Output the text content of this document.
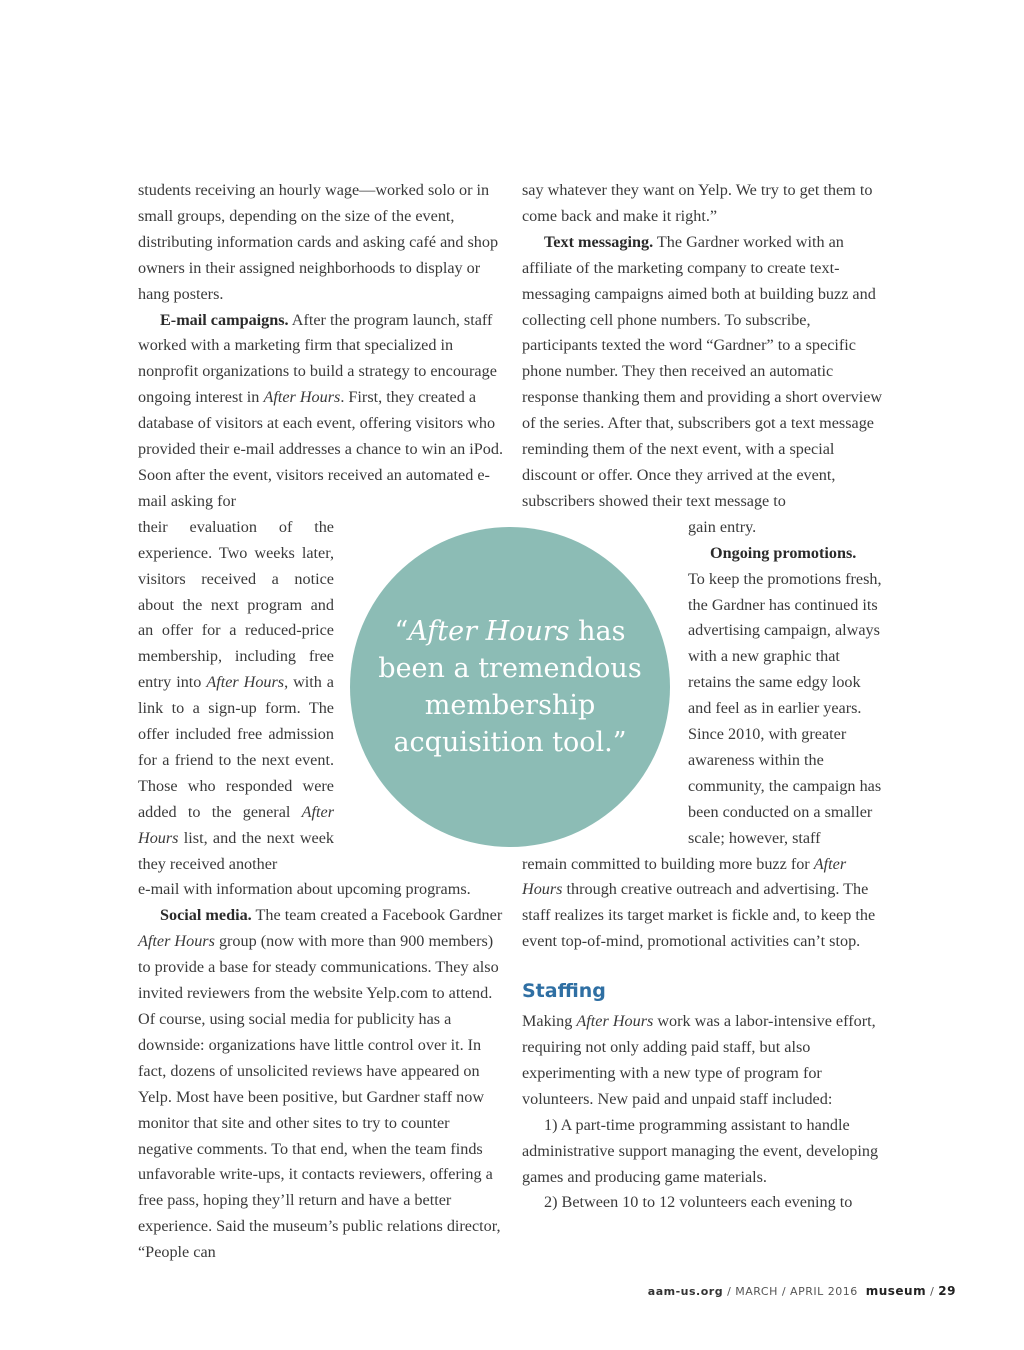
students receiving an hourly wage—worked solo or in small groups, depending on the size of the event, distributing information cards and asking café and shop owners in their assigned neighborhoods to display or hang posters.

E-mail campaigns. After the program launch, staff worked with a marketing firm that specialized in nonprofit organizations to build a strategy to encourage ongoing interest in After Hours. First, they created a database of visitors at each event, offering visitors who provided their e-mail addresses a chance to win an iPod. Soon after the event, visitors received an automated e-mail asking for

their evaluation of the experience. Two weeks later, visitors received a notice about the next program and an offer for a reduced-price membership, including free entry into After Hours, with a link to a sign-up form. The offer included free admission for a friend to the next event. Those who responded were added to the general After Hours list, and the next week they received another

e-mail with information about upcoming programs.

Social media. The team created a Facebook Gardner After Hours group (now with more than 900 members) to provide a base for steady communications. They also invited reviewers from the website Yelp.com to attend. Of course, using social media for publicity has a downside: organizations have little control over it. In fact, dozens of unsolicited reviews have appeared on Yelp. Most have been positive, but Gardner staff now monitor that site and other sites to try to counter negative comments. To that end, when the team finds unfavorable write-ups, it contacts reviewers, offering a free pass, hoping they’ll return and have a better experience. Said the museum’s public relations director, “People can

say whatever they want on Yelp. We try to get them to come back and make it right.”

Text messaging. The Gardner worked with an affiliate of the marketing company to create text-messaging campaigns aimed both at building buzz and collecting cell phone numbers. To subscribe, participants texted the word “Gardner” to a specific phone number. They then received an automatic response thanking them and providing a short overview of the series. After that, subscribers got a text message reminding them of the next event, with a special discount or offer. Once they arrived at the event, subscribers showed their text message to

gain entry.

Ongoing promotions.

To keep the promotions fresh, the Gardner has continued its advertising campaign, always with a new graphic that retains the same edgy look and feel as in earlier years. Since 2010, with greater awareness within the community, the campaign has been conducted on a smaller scale; however, staff

remain committed to building more buzz for After Hours through creative outreach and advertising. The staff realizes its target market is fickle and, to keep the event top-of-mind, promotional activities can’t stop.

Staffing

Making After Hours work was a labor-intensive effort, requiring not only adding paid staff, but also experimenting with a new type of program for volunteers. New paid and unpaid staff included:

1) A part-time programming assistant to handle administrative support managing the event, developing games and producing game materials.

2) Between 10 to 12 volunteers each evening to

“After Hours has been a tremendous membership acquisition tool.”
aam-us.org / MARCH / APRIL 2016 museum / 29
